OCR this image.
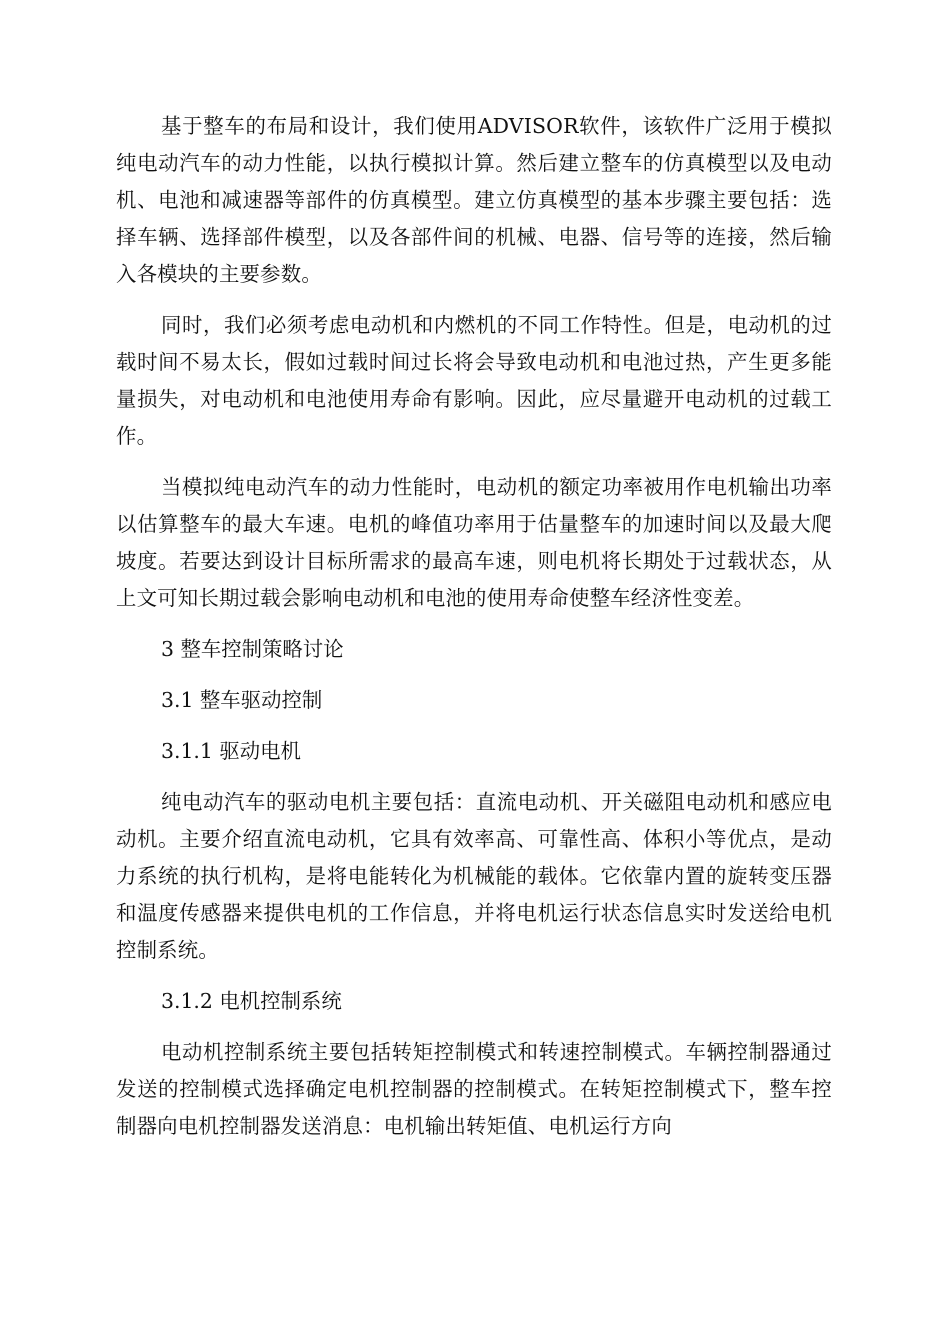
基于整车的布局和设计，我们使用ADVISOR软件，该软件广泛用于模拟纯电动汽车的动力性能，以执行模拟计算。然后建立整车的仿真模型以及电动机、电池和减速器等部件的仿真模型。建立仿真模型的基本步骤主要包括：选择车辆、选择部件模型，以及各部件间的机械、电器、信号等的连接，然后输入各模块的主要参数。

同时，我们必须考虑电动机和内燃机的不同工作特性。但是，电动机的过载时间不易太长，假如过载时间过长将会导致电动机和电池过热，产生更多能量损失，对电动机和电池使用寿命有影响。因此，应尽量避开电动机的过载工作。

当模拟纯电动汽车的动力性能时，电动机的额定功率被用作电机输出功率以估算整车的最大车速。电机的峰值功率用于估量整车的加速时间以及最大爬坡度。若要达到设计目标所需求的最高车速，则电机将长期处于过载状态，从上文可知长期过载会影响电动机和电池的使用寿命使整车经济性变差。

3 整车控制策略讨论

3.1 整车驱动控制

3.1.1 驱动电机

纯电动汽车的驱动电机主要包括：直流电动机、开关磁阻电动机和感应电动机。主要介绍直流电动机，它具有效率高、可靠性高、体积小等优点，是动力系统的执行机构，是将电能转化为机械能的载体。它依靠内置的旋转变压器和温度传感器来提供电机的工作信息，并将电机运行状态信息实时发送给电机控制系统。

3.1.2 电机控制系统

电动机控制系统主要包括转矩控制模式和转速控制模式。车辆控制器通过发送的控制模式选择确定电机控制器的控制模式。在转矩控制模式下，整车控制器向电机控制器发送消息：电机输出转矩值、电机运行方向
